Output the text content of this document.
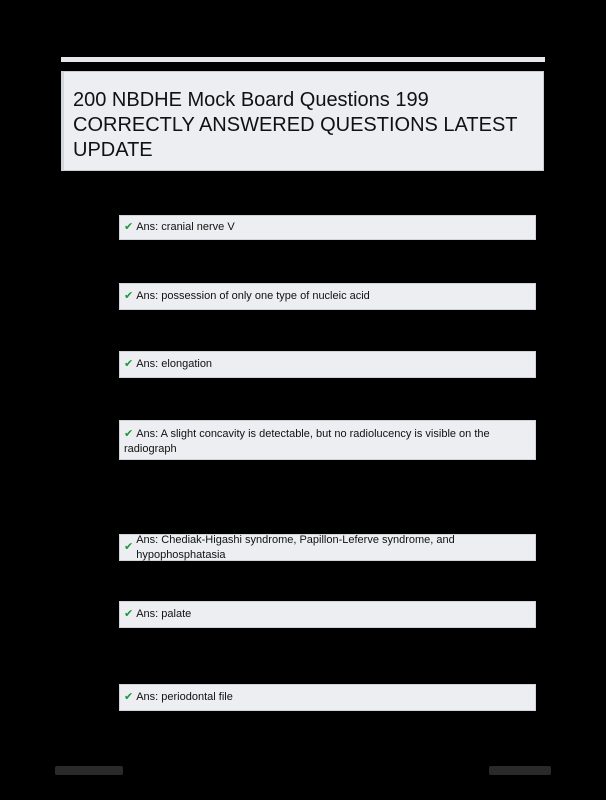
200 NBDHE Mock Board Questions 199 CORRECTLY ANSWERED QUESTIONS LATEST UPDATE
✔ Ans: cranial nerve V
✔ Ans: possession of only one type of nucleic acid
✔ Ans: elongation
✔ Ans: A slight concavity is detectable, but no radiolucency is visible on the radiograph
✔
Ans: Chediak-Higashi syndrome, Papillon-Leferve syndrome, and hypophosphatasia
✔ Ans: palate
✔ Ans: periodontal file
